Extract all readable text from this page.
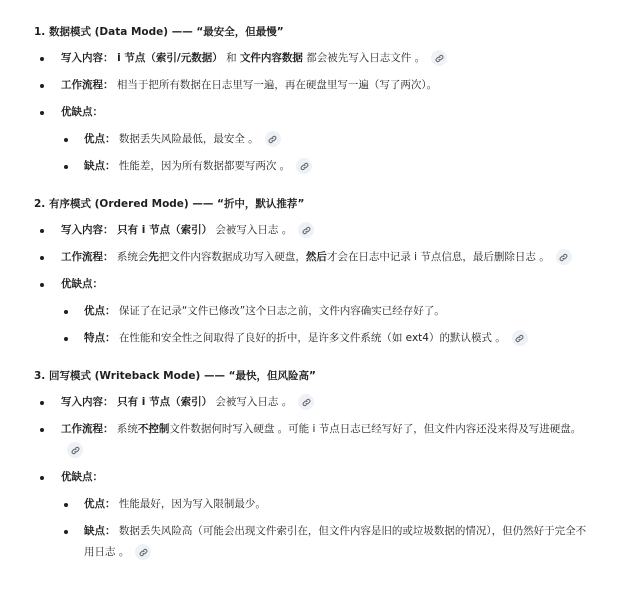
1. 数据模式 (Data Mode) —— “最安全，但最慢”
写入内容： i 节点（索引/元数据） 和 文件内容数据 都会被先写入日志文件 。
工作流程： 相当于把所有数据在日志里写一遍，再在硬盘里写一遍（写了两次）。
优缺点：
优点： 数据丢失风险最低，最安全 。
缺点： 性能差，因为所有数据都要写两次 。
2. 有序模式 (Ordered Mode) —— “折中，默认推荐”
写入内容： 只有 i 节点（索引） 会被写入日志 。
工作流程： 系统会先把文件内容数据成功写入硬盘，然后才会在日志中记录 i 节点信息，最后删除日志 。
优缺点：
优点： 保证了在记录“文件已修改”这个日志之前，文件内容确实已经存好了。
特点： 在性能和安全性之间取得了良好的折中，是许多文件系统（如 ext4）的默认模式 。
3. 回写模式 (Writeback Mode) —— “最快，但风险高”
写入内容： 只有 i 节点（索引） 会被写入日志 。
工作流程： 系统不控制文件数据何时写入硬盘 。可能 i 节点日志已经写好了，但文件内容还没来得及写进硬盘。
优缺点：
优点： 性能最好，因为写入限制最少。
缺点： 数据丢失风险高（可能会出现文件索引在，但文件内容是旧的或垃圾数据的情况），但仍然好于完全不用日志 。
